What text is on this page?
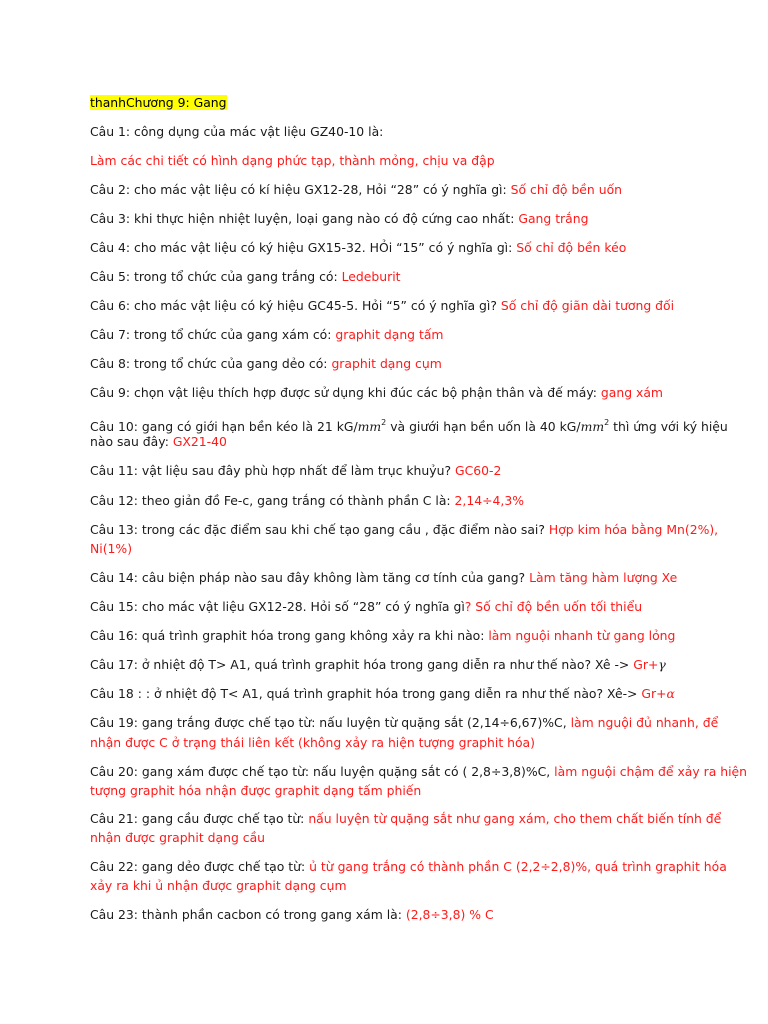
thanhChương 9: Gang
Câu 1: công dụng của mác vật liệu GZ40-10 là:
Làm các chi tiết có hình dạng phức tạp, thành mỏng, chịu va đập
Câu 2: cho mác vật liệu có kí hiệu GX12-28, Hỏi “28” có ý nghĩa gì: Số chỉ độ bền uốn
Câu 3: khi thực hiện nhiệt luyện, loại gang nào có độ cứng cao nhất: Gang trắng
Câu 4: cho mác vật liệu có ký hiệu GX15-32. HỎi “15” có ý nghĩa gì: Số chỉ độ bền kéo
Câu 5: trong tổ chức của gang trắng có: Ledeburit
Câu 6: cho mác vật liệu có ký hiệu GC45-5. Hỏi “5” có ý nghĩa gì? Số chỉ độ giãn dài tương đối
Câu 7: trong tổ chức của gang xám có: graphit dạng tấm
Câu 8: trong tổ chức của gang dẻo có: graphit dạng cụm
Câu 9: chọn vật liệu thích hợp được sử dụng khi đúc các bộ phận thân và đế máy: gang xám
Câu 10: gang có giới hạn bền kéo là 21 $kG/mm^2$ và giưới hạn bền uốn là 40 $kG/mm^2$ thì ứng với ký hiệu
nào sau đây: GX21-40
Câu 11: vật liệu sau đây phù hợp nhất để làm trục khuỷu? GC60-2
Câu 12: theo giản đồ Fe-c, gang trắng có thành phần C là: 2,14÷4,3%
Câu 13: trong các đặc điểm sau khi chế tạo gang cầu , đặc điểm nào sai? Hợp kim hóa bằng Mn(2%),
Ni(1%)
Câu 14: câu biện pháp nào sau đây không làm tăng cơ tính của gang? Làm tăng hàm lượng Xe
Câu 15: cho mác vật liệu GX12-28. Hỏi số “28” có ý nghĩa gì? Số chỉ độ bền uốn tối thiểu
Câu 16: quá trình graphit hóa trong gang không xảy ra khi nào: làm nguội nhanh từ gang lỏng
Câu 17: ở nhiệt độ T> A1, quá trình graphit hóa trong gang diễn ra như thế nào? Xê -> Gr+γ
Câu 18 : : ở nhiệt độ T< A1, quá trình graphit hóa trong gang diễn ra như thế nào? Xê-> Gr+α
Câu 19: gang trắng được chế tạo từ: nấu luyện từ quặng sắt (2,14÷6,67)%C, làm nguội đủ nhanh, để
nhận được C ở trạng thái liên kết (không xảy ra hiện tượng graphit hóa)
Câu 20: gang xám được chế tạo từ: nấu luyện quặng sắt có ( 2,8÷3,8)%C, làm nguội chậm để xảy ra hiện
tượng graphit hóa nhận được graphit dạng tấm phiến
Câu 21: gang cầu được chế tạo từ: nấu luyện từ quặng sắt như gang xám, cho them chất biến tính để
nhận được graphit dạng cầu
Câu 22: gang dẻo được chế tạo từ: ủ từ gang trắng có thành phần C (2,2÷2,8)%, quá trình graphit hóa
xảy ra khi ủ nhận được graphit dạng cụm
Câu 23: thành phần cacbon có trong gang xám là: (2,8÷3,8) % C
